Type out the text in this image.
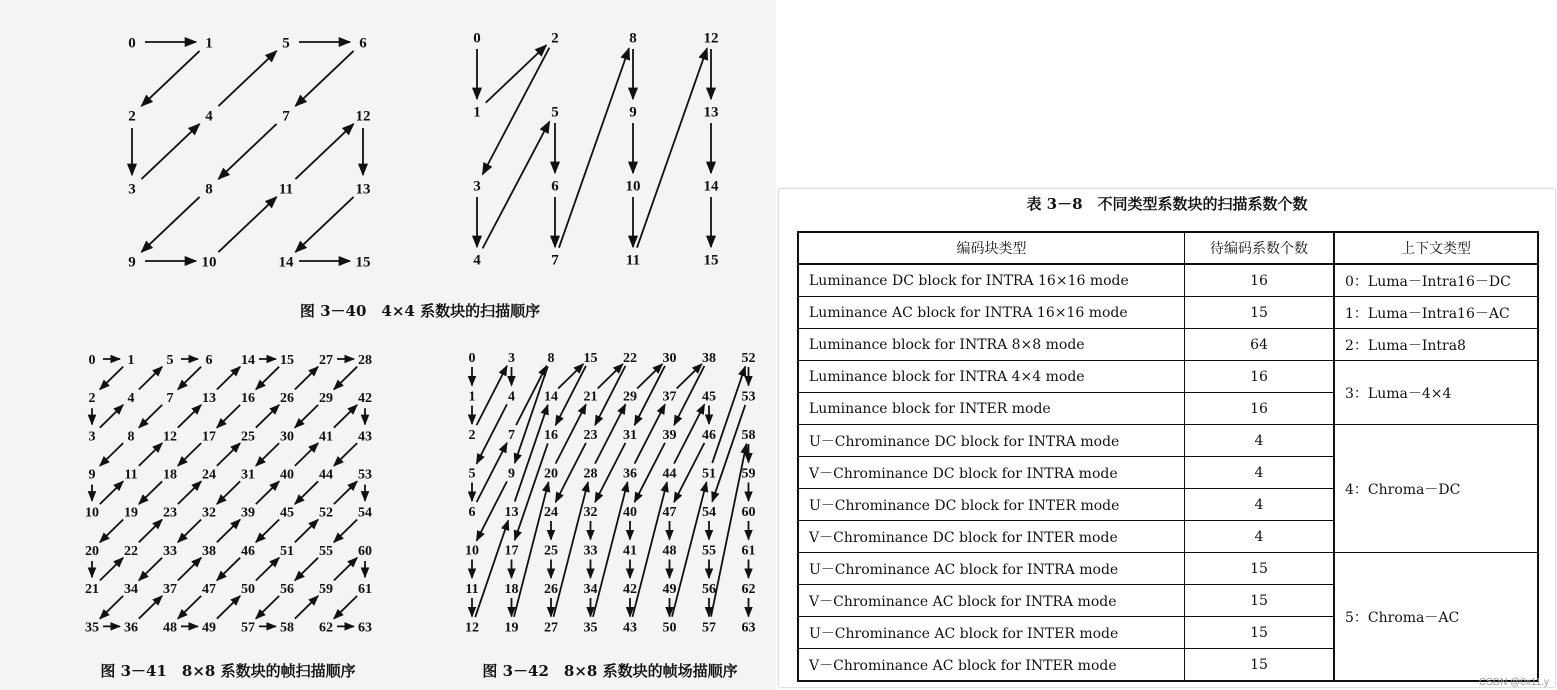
0	1	5	6
2	4	7	12
3	8	11	13
9	10	14	15
0	2	8	12
1	5	9	13
3	6	10	14
4	7	11	15
图 3－40　4×4 系数块的扫描顺序
0 1 5 6 14 15 27 28
2 4 7 13 16 26 29 42
3 8 12 17 25 30 41 43
9 11 18 24 31 40 44 53
10 19 23 32 39 45 52 54
20 22 33 38 46 51 55 60
21 34 37 47 50 56 59 61
35 36 48 49 57 58 62 63
图 3－41　8×8 系数块的帧扫描顺序
0 3 8 15 22 30 38 52
1 4 14 21 29 37 45 53
2 7 16 23 31 39 46 58
5 9 20 28 36 44 51 59
6 13 24 32 40 47 54 60
10 17 25 33 41 48 55 61
11 18 26 34 42 49 56 62
12 19 27 35 43 50 57 63
图 3－42　8×8 系数块的帧场描顺序
表 3－8　不同类型系数块的扫描系数个数
编码块类型	待编码系数个数	上下文类型
Luminance DC block for INTRA 16×16 mode	16	0：Luma－Intra16－DC
Luminance AC block for INTRA 16×16 mode	15	1：Luma－Intra16－AC
Luminance block for INTRA 8×8 mode	64	2：Luma－Intra8
Luminance block for INTRA 4×4 mode	16	3：Luma－4×4
Luminance block for INTER mode	16	
U－Chrominance DC block for INTRA mode	4	4：Chroma－DC
V－Chrominance DC block for INTRA mode	4	
U－Chrominance DC block for INTER mode	4	
V－Chrominance DC block for INTER mode	4	
U－Chrominance AC block for INTRA mode	15	5：Chroma－AC
V－Chrominance AC block for INTRA mode	15	
U－Chrominance AC block for INTER mode	15	
V－Chrominance AC block for INTER mode	15	
CSDN @0x11.y
